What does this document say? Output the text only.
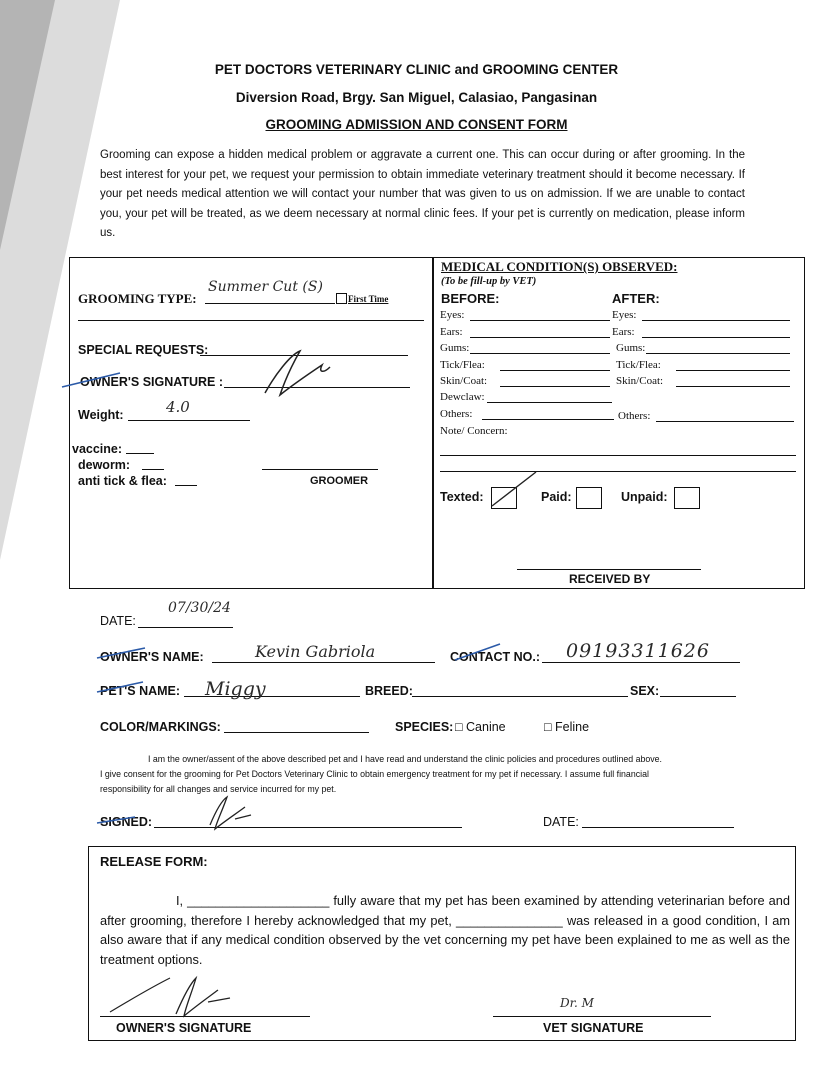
PET DOCTORS VETERINARY CLINIC and GROOMING CENTER
Diversion Road, Brgy. San Miguel, Calasiao, Pangasinan
GROOMING ADMISSION AND CONSENT FORM
Grooming can expose a hidden medical problem or aggravate a current one. This can occur during or after grooming. In the best interest for your pet, we request your permission to obtain immediate veterinary treatment should it become necessary. If your pet needs medical attention we will contact your number that was given to us on admission. If we are unable to contact you, your pet will be treated, as we deem necessary at normal clinic fees. If your pet is currently on medication, please inform us.
GROOMING TYPE:
Summer Cut (S)
First Time
SPECIAL REQUESTS:
OWNER'S SIGNATURE :
Weight:	4.0
vaccine:
deworm:
anti tick & flea:	GROOMER
MEDICAL CONDITION(S) OBSERVED:
(To be fill-up by VET)
BEFORE:	AFTER:
Eyes:	Eyes:
Ears:	Ears:
Gums:	Gums:
Tick/Flea:	Tick/Flea:
Skin/Coat:	Skin/Coat:
Dewclaw:
Others:	Others:
Note/ Concern:
Texted:	Paid:	Unpaid:
RECEIVED BY
DATE:
07/30/24
OWNER'S NAME:	Kevin Gabriola	CONTACT NO.: 09193311626
PET'S NAME: Miggy	BREED:	SEX:
COLOR/MARKINGS:	SPECIES: □ Canine	□ Feline
I am the owner/assent of the above described pet and I have read and understand the clinic policies and procedures outlined above.
I give consent for the grooming for Pet Doctors Veterinary Clinic to obtain emergency treatment for my pet if necessary. I assume full financial
responsibility for all changes and service incurred for my pet.
SIGNED:	DATE:
RELEASE FORM:
I, ____________________ fully aware that my pet has been examined by attending veterinarian before and after grooming, therefore I hereby acknowledged that my pet, _______________ was released in a good condition, I am also aware that if any medical condition observed by the vet concerning my pet have been explained to me as well as the treatment options.
OWNER'S SIGNATURE
Dr. M
VET SIGNATURE
